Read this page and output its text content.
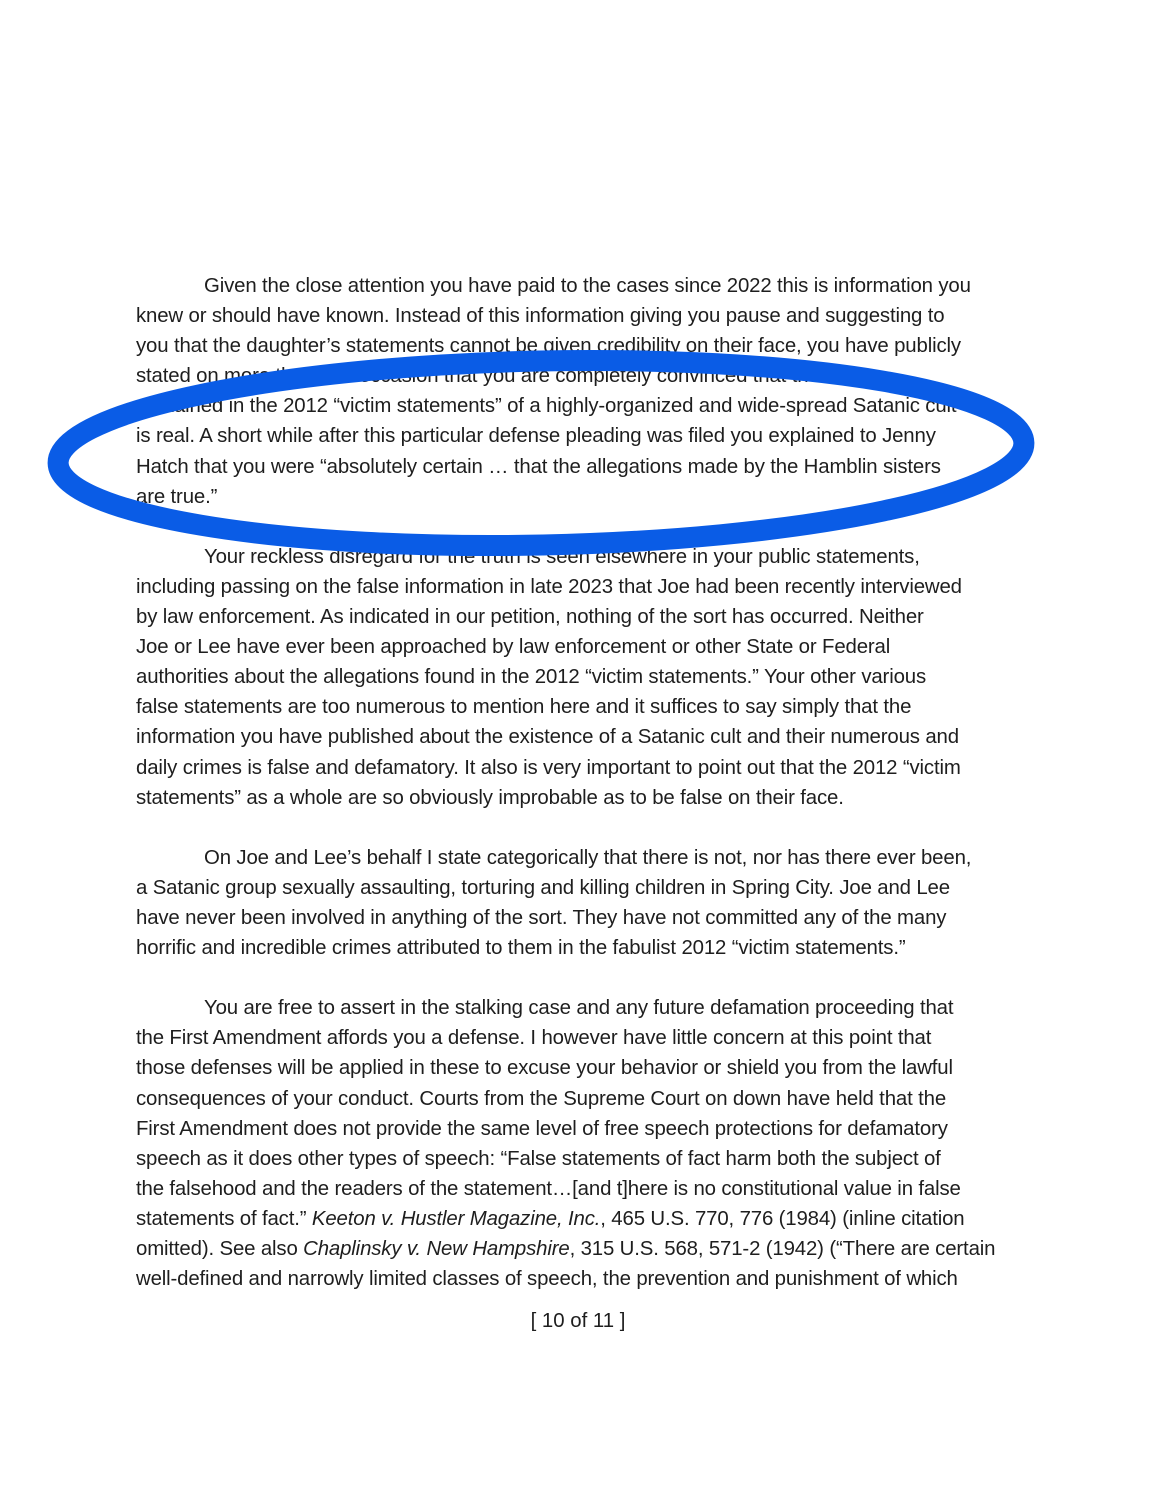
Given the close attention you have paid to the cases since 2022 this is information you
knew or should have known. Instead of this information giving you pause and suggesting to
you that the daughter’s statements cannot be given credibility on their face, you have publicly
stated on more than one occasion that you are completely convinced that the story
contained in the 2012 “victim statements” of a highly-organized and wide-spread Satanic cult
is real. A short while after this particular defense pleading was filed you explained to Jenny
Hatch that you were “absolutely certain … that the allegations made by the Hamblin sisters
are true.”
Your reckless disregard for the truth is seen elsewhere in your public statements,
including passing on the false information in late 2023 that Joe had been recently interviewed
by law enforcement. As indicated in our petition, nothing of the sort has occurred. Neither
Joe or Lee have ever been approached by law enforcement or other State or Federal
authorities about the allegations found in the 2012 “victim statements.” Your other various
false statements are too numerous to mention here and it suffices to say simply that the
information you have published about the existence of a Satanic cult and their numerous and
daily crimes is false and defamatory. It also is very important to point out that the 2012 “victim
statements” as a whole are so obviously improbable as to be false on their face.
On Joe and Lee’s behalf I state categorically that there is not, nor has there ever been,
a Satanic group sexually assaulting, torturing and killing children in Spring City. Joe and Lee
have never been involved in anything of the sort. They have not committed any of the many
horrific and incredible crimes attributed to them in the fabulist 2012 “victim statements.”
You are free to assert in the stalking case and any future defamation proceeding that
the First Amendment affords you a defense. I however have little concern at this point that
those defenses will be applied in these to excuse your behavior or shield you from the lawful
consequences of your conduct. Courts from the Supreme Court on down have held that the
First Amendment does not provide the same level of free speech protections for defamatory
speech as it does other types of speech: “False statements of fact harm both the subject of
the falsehood and the readers of the statement…[and t]here is no constitutional value in false
statements of fact.” Keeton v. Hustler Magazine, Inc., 465 U.S. 770, 776 (1984) (inline citation
omitted). See also Chaplinsky v. New Hampshire, 315 U.S. 568, 571-2 (1942) (“There are certain
well-defined and narrowly limited classes of speech, the prevention and punishment of which
[ 10 of 11 ]
